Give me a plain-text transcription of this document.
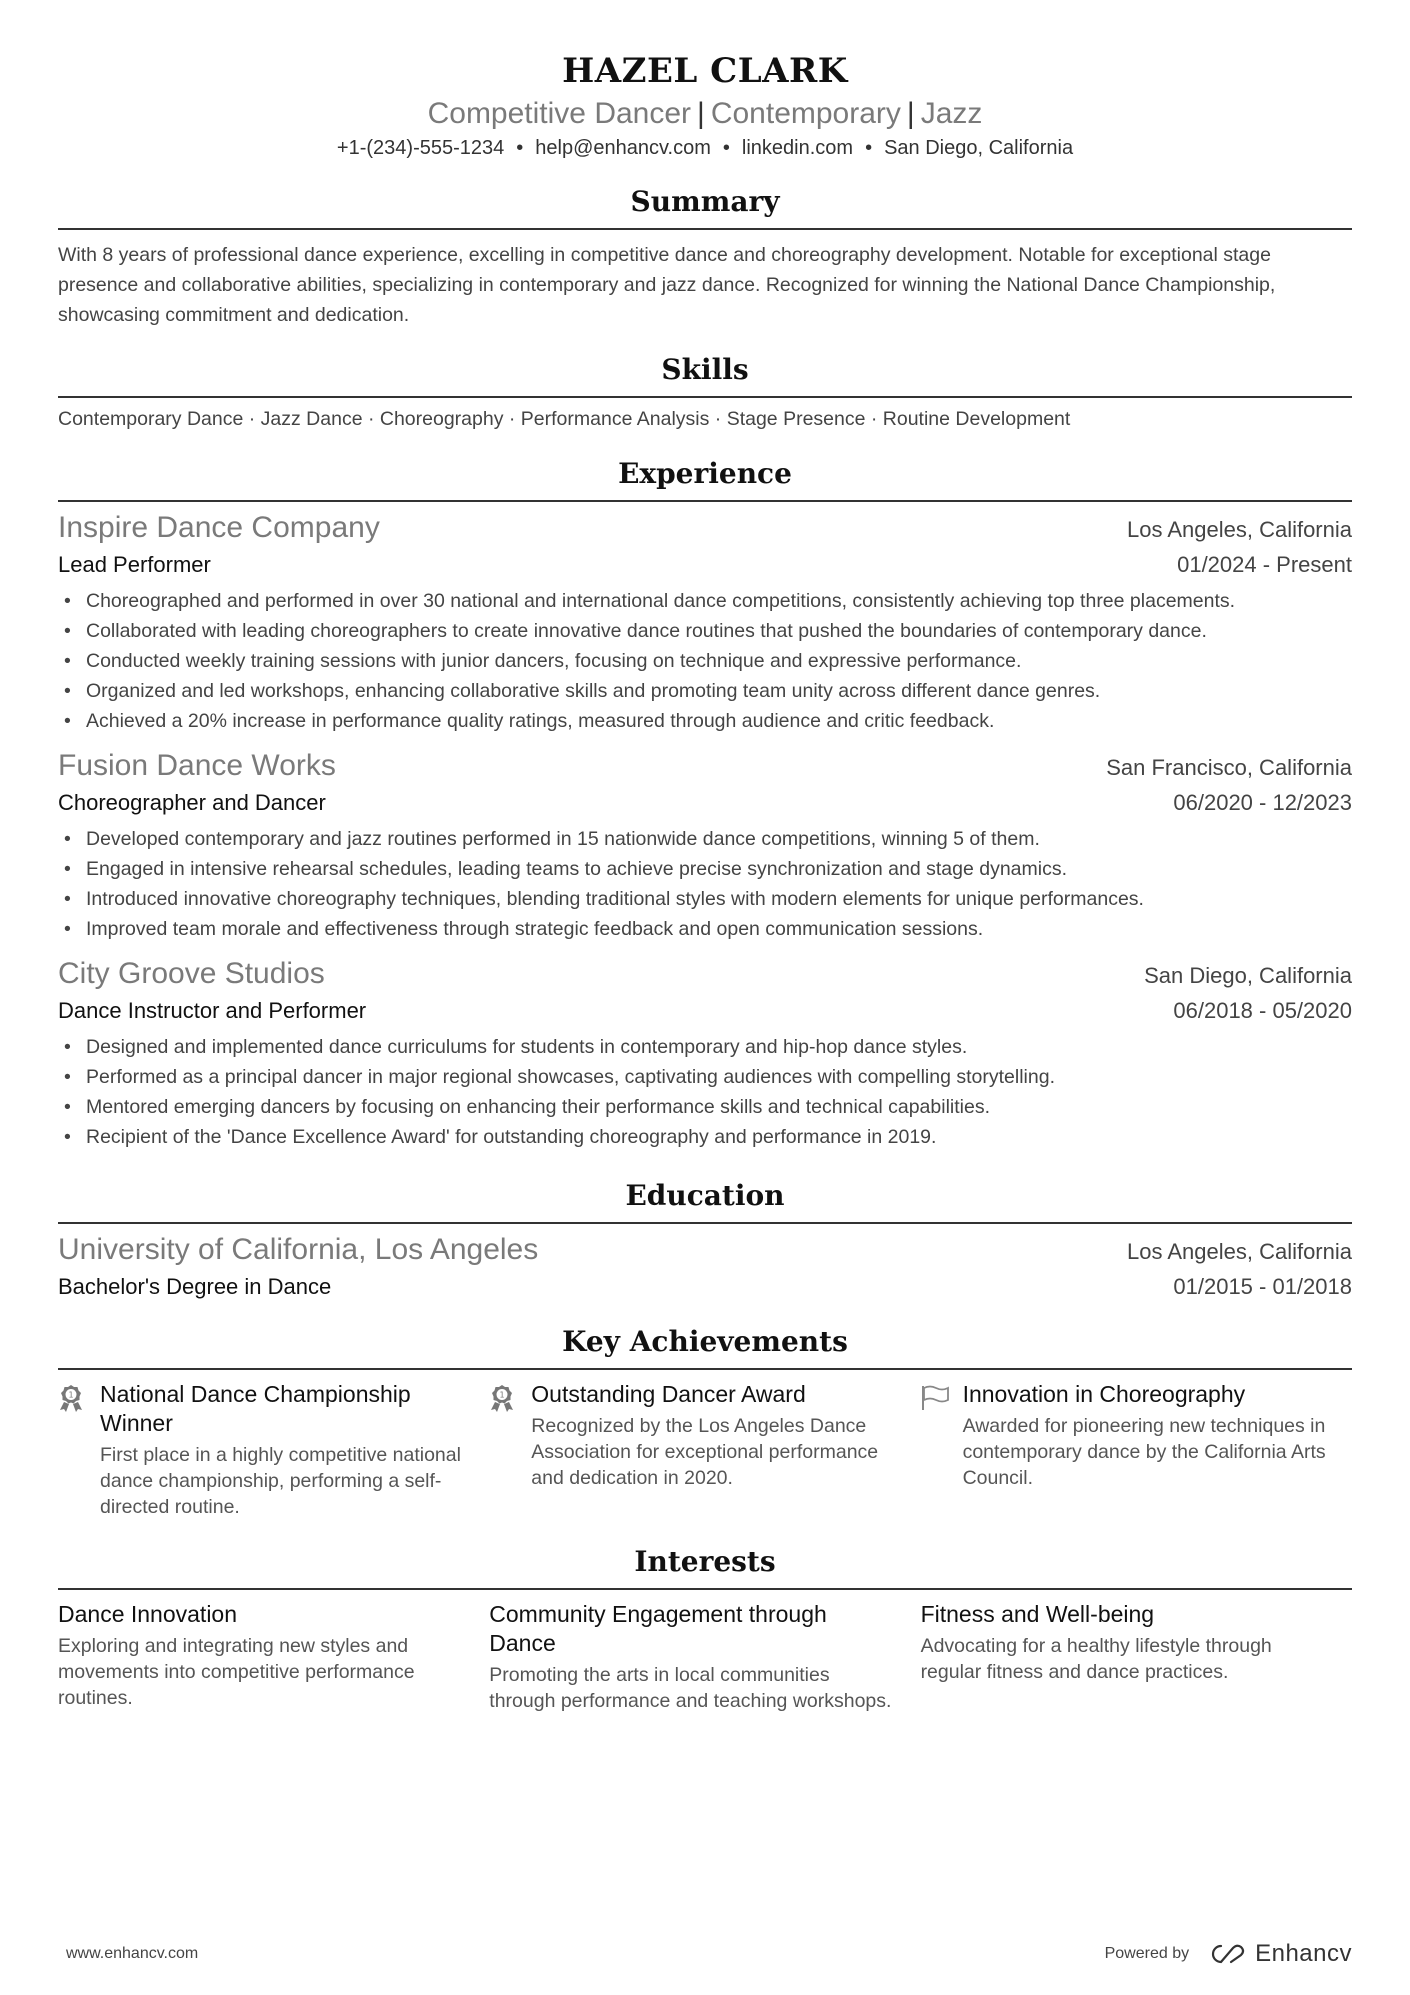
HAZEL CLARK
Competitive Dancer | Contemporary | Jazz
+1-(234)-555-1234 • help@enhancv.com • linkedin.com • San Diego, California
Summary
With 8 years of professional dance experience, excelling in competitive dance and choreography development. Notable for exceptional stage presence and collaborative abilities, specializing in contemporary and jazz dance. Recognized for winning the National Dance Championship, showcasing commitment and dedication.
Skills
Contemporary Dance · Jazz Dance · Choreography · Performance Analysis · Stage Presence · Routine Development
Experience
Inspire Dance Company	Los Angeles, California
Lead Performer	01/2024 - Present
• Choreographed and performed in over 30 national and international dance competitions, consistently achieving top three placements.
• Collaborated with leading choreographers to create innovative dance routines that pushed the boundaries of contemporary dance.
• Conducted weekly training sessions with junior dancers, focusing on technique and expressive performance.
• Organized and led workshops, enhancing collaborative skills and promoting team unity across different dance genres.
• Achieved a 20% increase in performance quality ratings, measured through audience and critic feedback.
Fusion Dance Works	San Francisco, California
Choreographer and Dancer	06/2020 - 12/2023
• Developed contemporary and jazz routines performed in 15 nationwide dance competitions, winning 5 of them.
• Engaged in intensive rehearsal schedules, leading teams to achieve precise synchronization and stage dynamics.
• Introduced innovative choreography techniques, blending traditional styles with modern elements for unique performances.
• Improved team morale and effectiveness through strategic feedback and open communication sessions.
City Groove Studios	San Diego, California
Dance Instructor and Performer	06/2018 - 05/2020
• Designed and implemented dance curriculums for students in contemporary and hip-hop dance styles.
• Performed as a principal dancer in major regional showcases, captivating audiences with compelling storytelling.
• Mentored emerging dancers by focusing on enhancing their performance skills and technical capabilities.
• Recipient of the 'Dance Excellence Award' for outstanding choreography and performance in 2019.
Education
University of California, Los Angeles	Los Angeles, California
Bachelor's Degree in Dance	01/2015 - 01/2018
Key Achievements
1 National Dance Championship Winner
First place in a highly competitive national dance championship, performing a self-directed routine.
1 Outstanding Dancer Award
Recognized by the Los Angeles Dance Association for exceptional performance and dedication in 2020.
Innovation in Choreography
Awarded for pioneering new techniques in contemporary dance by the California Arts Council.
Interests
Dance Innovation
Exploring and integrating new styles and movements into competitive performance routines.
Community Engagement through Dance
Promoting the arts in local communities through performance and teaching workshops.
Fitness and Well-being
Advocating for a healthy lifestyle through regular fitness and dance practices.
www.enhancv.com	Powered by	Enhancv
